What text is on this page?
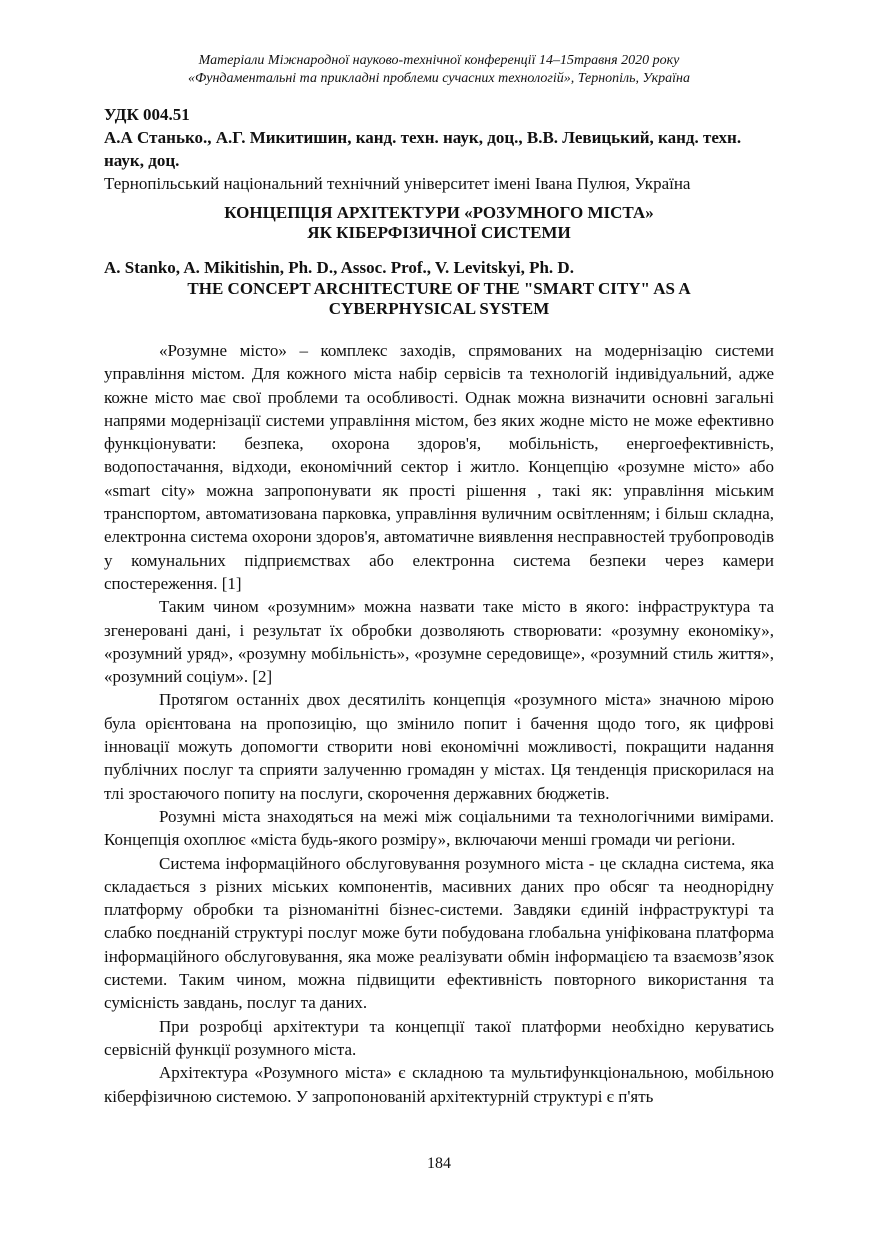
Матеріали Міжнародної науково-технічної конференції 14–15травня 2020 року
«Фундаментальні та прикладні проблеми сучасних технологій», Тернопіль, Україна
УДК 004.51
А.А Станько., А.Г. Микитишин, канд. техн. наук, доц., В.В. Левицький, канд. техн. наук, доц.
Тернопільський національний технічний університет імені Івана Пулюя, Україна
КОНЦЕПЦІЯ АРХІТЕКТУРИ «РОЗУМНОГО МІСТА»
ЯК КІБЕРФІЗИЧНОЇ СИСТЕМИ
A. Stanko, A. Mikitishin, Ph. D., Assoc. Prof., V. Levitskyi, Ph. D.
THE CONCEPT ARCHITECTURE OF THE "SMART CITY" AS A
CYBERPHYSICAL SYSTEM

«Розумне місто» – комплекс заходів, спрямованих на модернізацію системи управління містом. Для кожного міста набір сервісів та технологій індивідуальний, адже кожне місто має свої проблеми та особливості. Однак можна визначити основні загальні напрями модернізації системи управління містом, без яких жодне місто не може ефективно функціонувати: безпека, охорона здоров'я, мобільність, енергоефективність, водопостачання, відходи, економічний сектор і житло. Концепцію «розумне місто» або «smart city» можна запропонувати як прості рішення , такі як: управління міським транспортом, автоматизована парковка, управління вуличним освітленням; і більш складна, електронна система охорони здоров'я, автоматичне виявлення несправностей трубопроводів у комунальних підприємствах або електронна система безпеки через камери спостереження. [1]

Таким чином «розумним» можна назвати таке місто в якого: інфраструктура та згенеровані дані, і результат їх обробки дозволяють створювати: «розумну економіку», «розумний уряд», «розумну мобільність», «розумне середовище», «розумний стиль життя», «розумний соціум». [2]

Протягом останніх двох десятиліть концепція «розумного міста» значною мірою була орієнтована на пропозицію, що змінило попит і бачення щодо того, як цифрові інновації можуть допомогти створити нові економічні можливості, покращити надання публічних послуг та сприяти залученню громадян у містах. Ця тенденція прискорилася на тлі зростаючого попиту на послуги, скорочення державних бюджетів.

Розумні міста знаходяться на межі між соціальними та технологічними вимірами. Концепція охоплює «міста будь-якого розміру», включаючи менші громади чи регіони.

Система інформаційного обслуговування розумного міста - це складна система, яка складається з різних міських компонентів, масивних даних про обсяг та неоднорідну платформу обробки та різноманітні бізнес-системи. Завдяки єдиній інфраструктурі та слабко поєднаній структурі послуг може бути побудована глобальна уніфікована платформа інформаційного обслуговування, яка може реалізувати обмін інформацією та взаємозв’язок системи. Таким чином, можна підвищити ефективність повторного використання та сумісність завдань, послуг та даних.

При розробці архітектури та концепції такої платформи необхідно керуватись сервісній функції розумного міста.

Архітектура «Розумного міста» є складною та мультифункціональною, мобільною кіберфізичною системою. У запропонованій архітектурній структурі є п'ять

184
